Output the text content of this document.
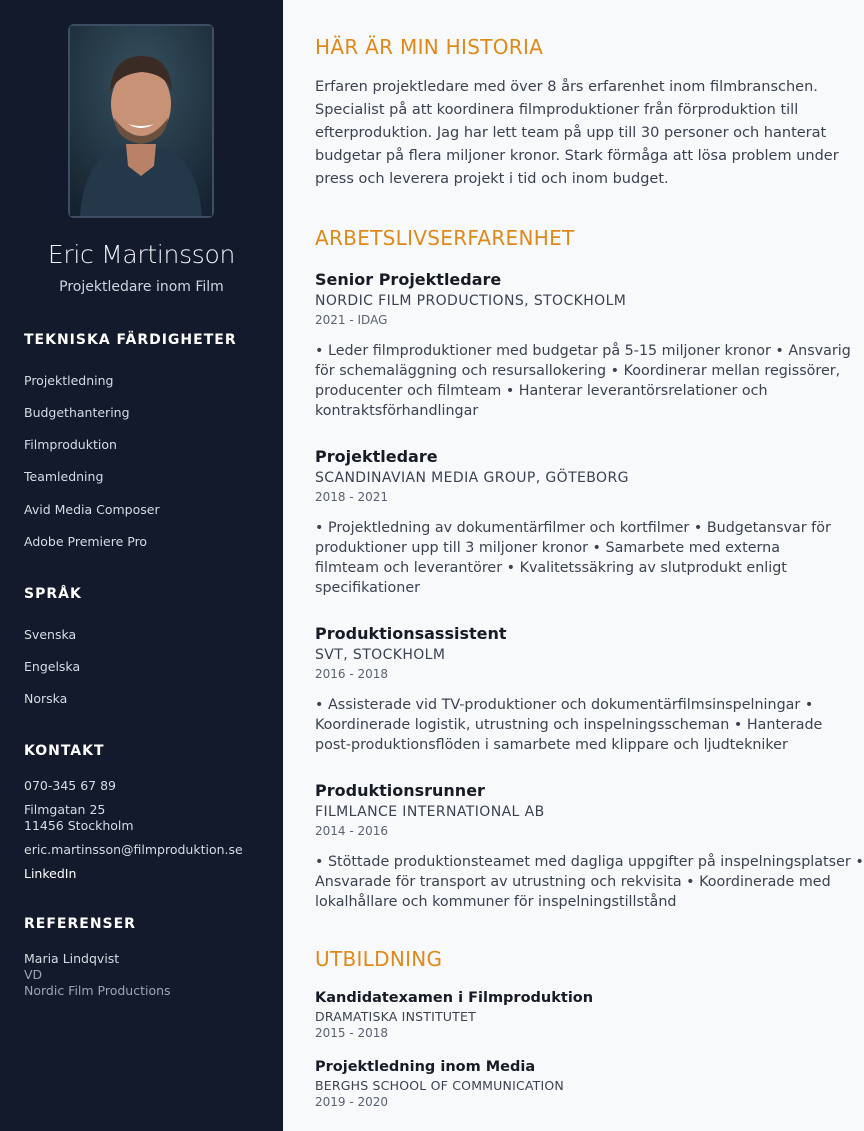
Eric Martinsson
Projektledare inom Film
TEKNISKA FÄRDIGHETER
Projektledning
Budgethantering
Filmproduktion
Teamledning
Avid Media Composer
Adobe Premiere Pro
SPRÅK
Svenska
Engelska
Norska
KONTAKT
070-345 67 89
Filmgatan 25
11456 Stockholm
eric.martinsson@filmproduktion.se
LinkedIn
REFERENSER
Maria Lindqvist
VD
Nordic Film Productions
HÄR ÄR MIN HISTORIA
Erfaren projektledare med över 8 års erfarenhet inom filmbranschen.
Specialist på att koordinera filmproduktioner från förproduktion till
efterproduktion. Jag har lett team på upp till 30 personer och hanterat
budgetar på flera miljoner kronor. Stark förmåga att lösa problem under
press och leverera projekt i tid och inom budget.
ARBETSLIVSERFARENHET
Senior Projektledare
NORDIC FILM PRODUCTIONS, STOCKHOLM
2021 - IDAG
• Leder filmproduktioner med budgetar på 5-15 miljoner kronor • Ansvarig
för schemaläggning och resursallokering • Koordinerar mellan regissörer,
producenter och filmteam • Hanterar leverantörsrelationer och
kontraktsförhandlingar
Projektledare
SCANDINAVIAN MEDIA GROUP, GÖTEBORG
2018 - 2021
• Projektledning av dokumentärfilmer och kortfilmer • Budgetansvar för
produktioner upp till 3 miljoner kronor • Samarbete med externa
filmteam och leverantörer • Kvalitetssäkring av slutprodukt enligt
specifikationer
Produktionsassistent
SVT, STOCKHOLM
2016 - 2018
• Assisterade vid TV-produktioner och dokumentärfilmsinspelningar •
Koordinerade logistik, utrustning och inspelningsscheman • Hanterade
post-produktionsflöden i samarbete med klippare och ljudtekniker
Produktionsrunner
FILMLANCE INTERNATIONAL AB
2014 - 2016
• Stöttade produktionsteamet med dagliga uppgifter på inspelningsplatser •
Ansvarade för transport av utrustning och rekvisita • Koordinerade med
lokalhållare och kommuner för inspelningstillstånd
UTBILDNING
Kandidatexamen i Filmproduktion
DRAMATISKA INSTITUTET
2015 - 2018
Projektledning inom Media
BERGHS SCHOOL OF COMMUNICATION
2019 - 2020
